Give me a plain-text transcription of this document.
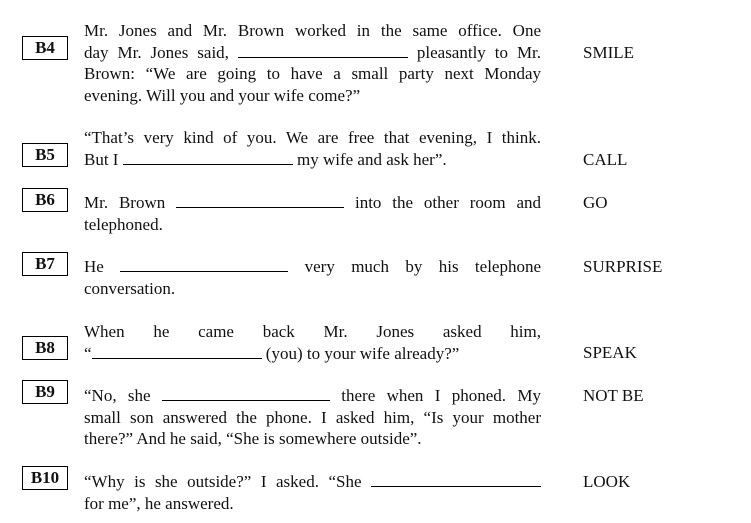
B4
Mr. Jones and Mr. Brown worked in the same office. One
day Mr. Jones said,	pleasantly to Mr.
Brown: “We are going to have a small party next Monday
evening. Will you and your wife come?”
SMILE
B5
“That’s very kind of you. We are free that evening, I think.
But I	my wife and ask her”.	CALL
B6	Mr. Brown	into the other room and
telephoned.
GO
B7	He	very much by his telephone
conversation.
SURPRISE
B8
When he came back Mr. Jones asked him,
“	(you) to your wife already?”	SPEAK
B9	“No, she	there when I phoned. My
small son answered the phone. I asked him, “Is your mother
there?” And he said, “She is somewhere outside”.
NOT BE
B10	“Why is she outside?” I asked. “She
for me”, he answered.
LOOK
